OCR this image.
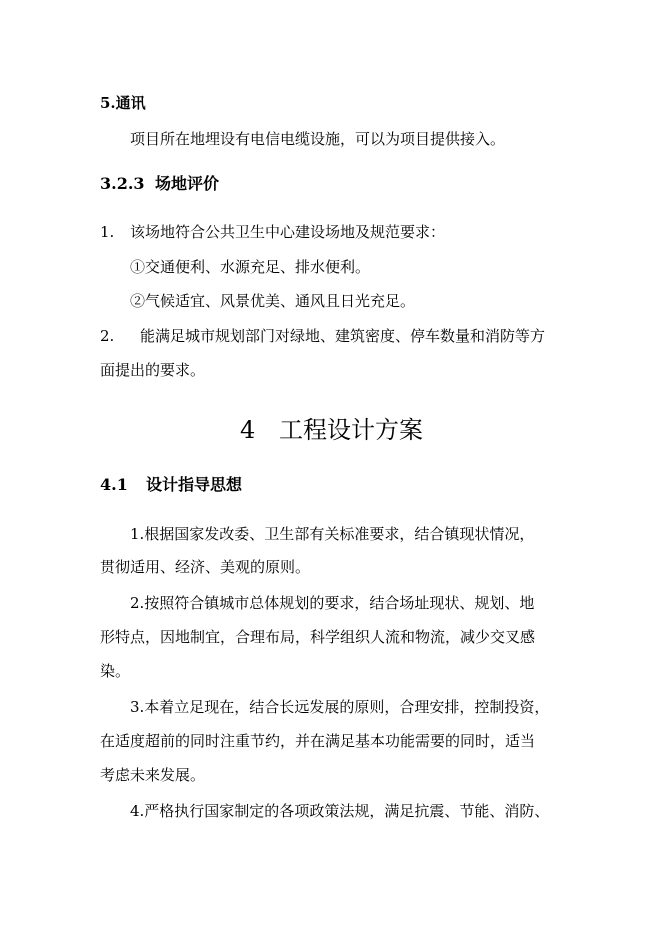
5.通讯

项目所在地埋设有电信电缆设施，可以为项目提供接入。

3.2.3 场地评价

1. 该场地符合公共卫生中心建设场地及规范要求：

①交通便利、水源充足、排水便利。

②气候适宜、风景优美、通风且日光充足。

2. 能满足城市规划部门对绿地、建筑密度、停车数量和消防等方

面提出的要求。

4 工程设计方案

4.1 设计指导思想

1.根据国家发改委、卫生部有关标准要求，结合镇现状情况，

贯彻适用、经济、美观的原则。

2.按照符合镇城市总体规划的要求，结合场址现状、规划、地

形特点，因地制宜，合理布局，科学组织人流和物流，减少交叉感

染。

3.本着立足现在，结合长远发展的原则，合理安排，控制投资，

在适度超前的同时注重节约，并在满足基本功能需要的同时，适当

考虑未来发展。

4.严格执行国家制定的各项政策法规，满足抗震、节能、消防、
